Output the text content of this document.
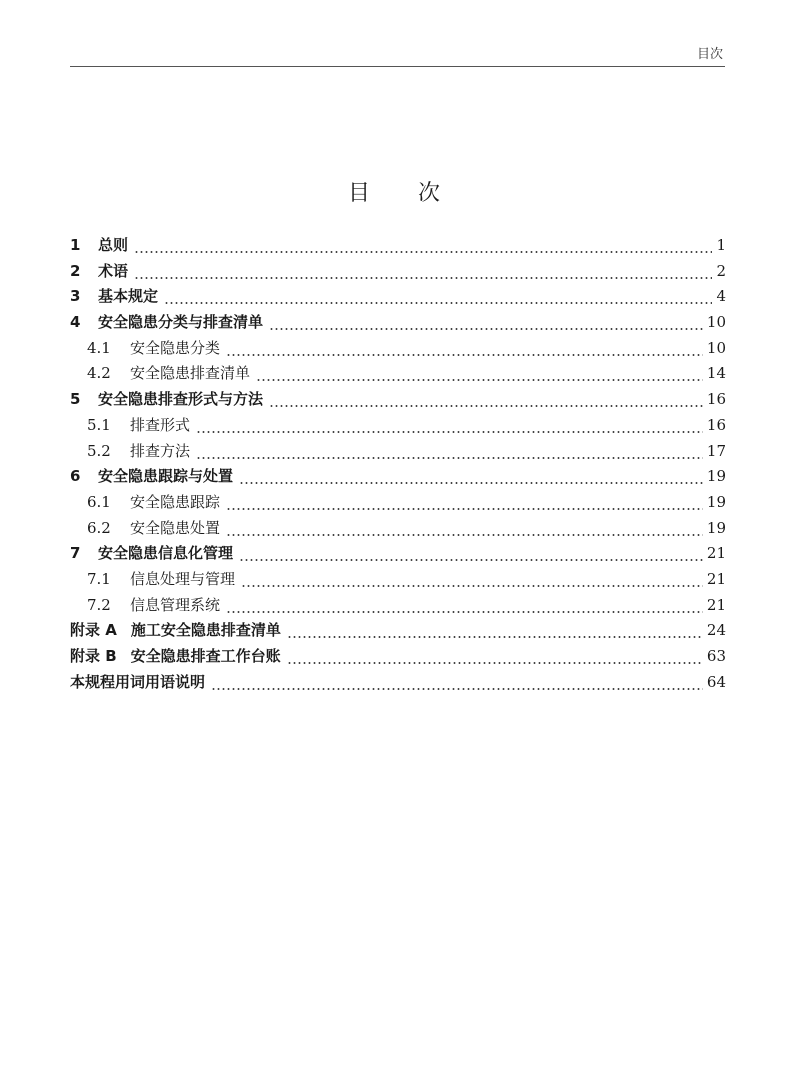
目次
目 次
1	总则	1
2	术语	2
3	基本规定	4
4	安全隐患分类与排查清单	10
4.1	安全隐患分类	10
4.2	安全隐患排查清单	14
5	安全隐患排查形式与方法	16
5.1	排查形式	16
5.2	排查方法	17
6	安全隐患跟踪与处置	19
6.1	安全隐患跟踪	19
6.2	安全隐患处置	19
7	安全隐患信息化管理	21
7.1	信息处理与管理	21
7.2	信息管理系统	21
附录 A 施工安全隐患排查清单	24
附录 B 安全隐患排查工作台账	63
本规程用词用语说明	64
